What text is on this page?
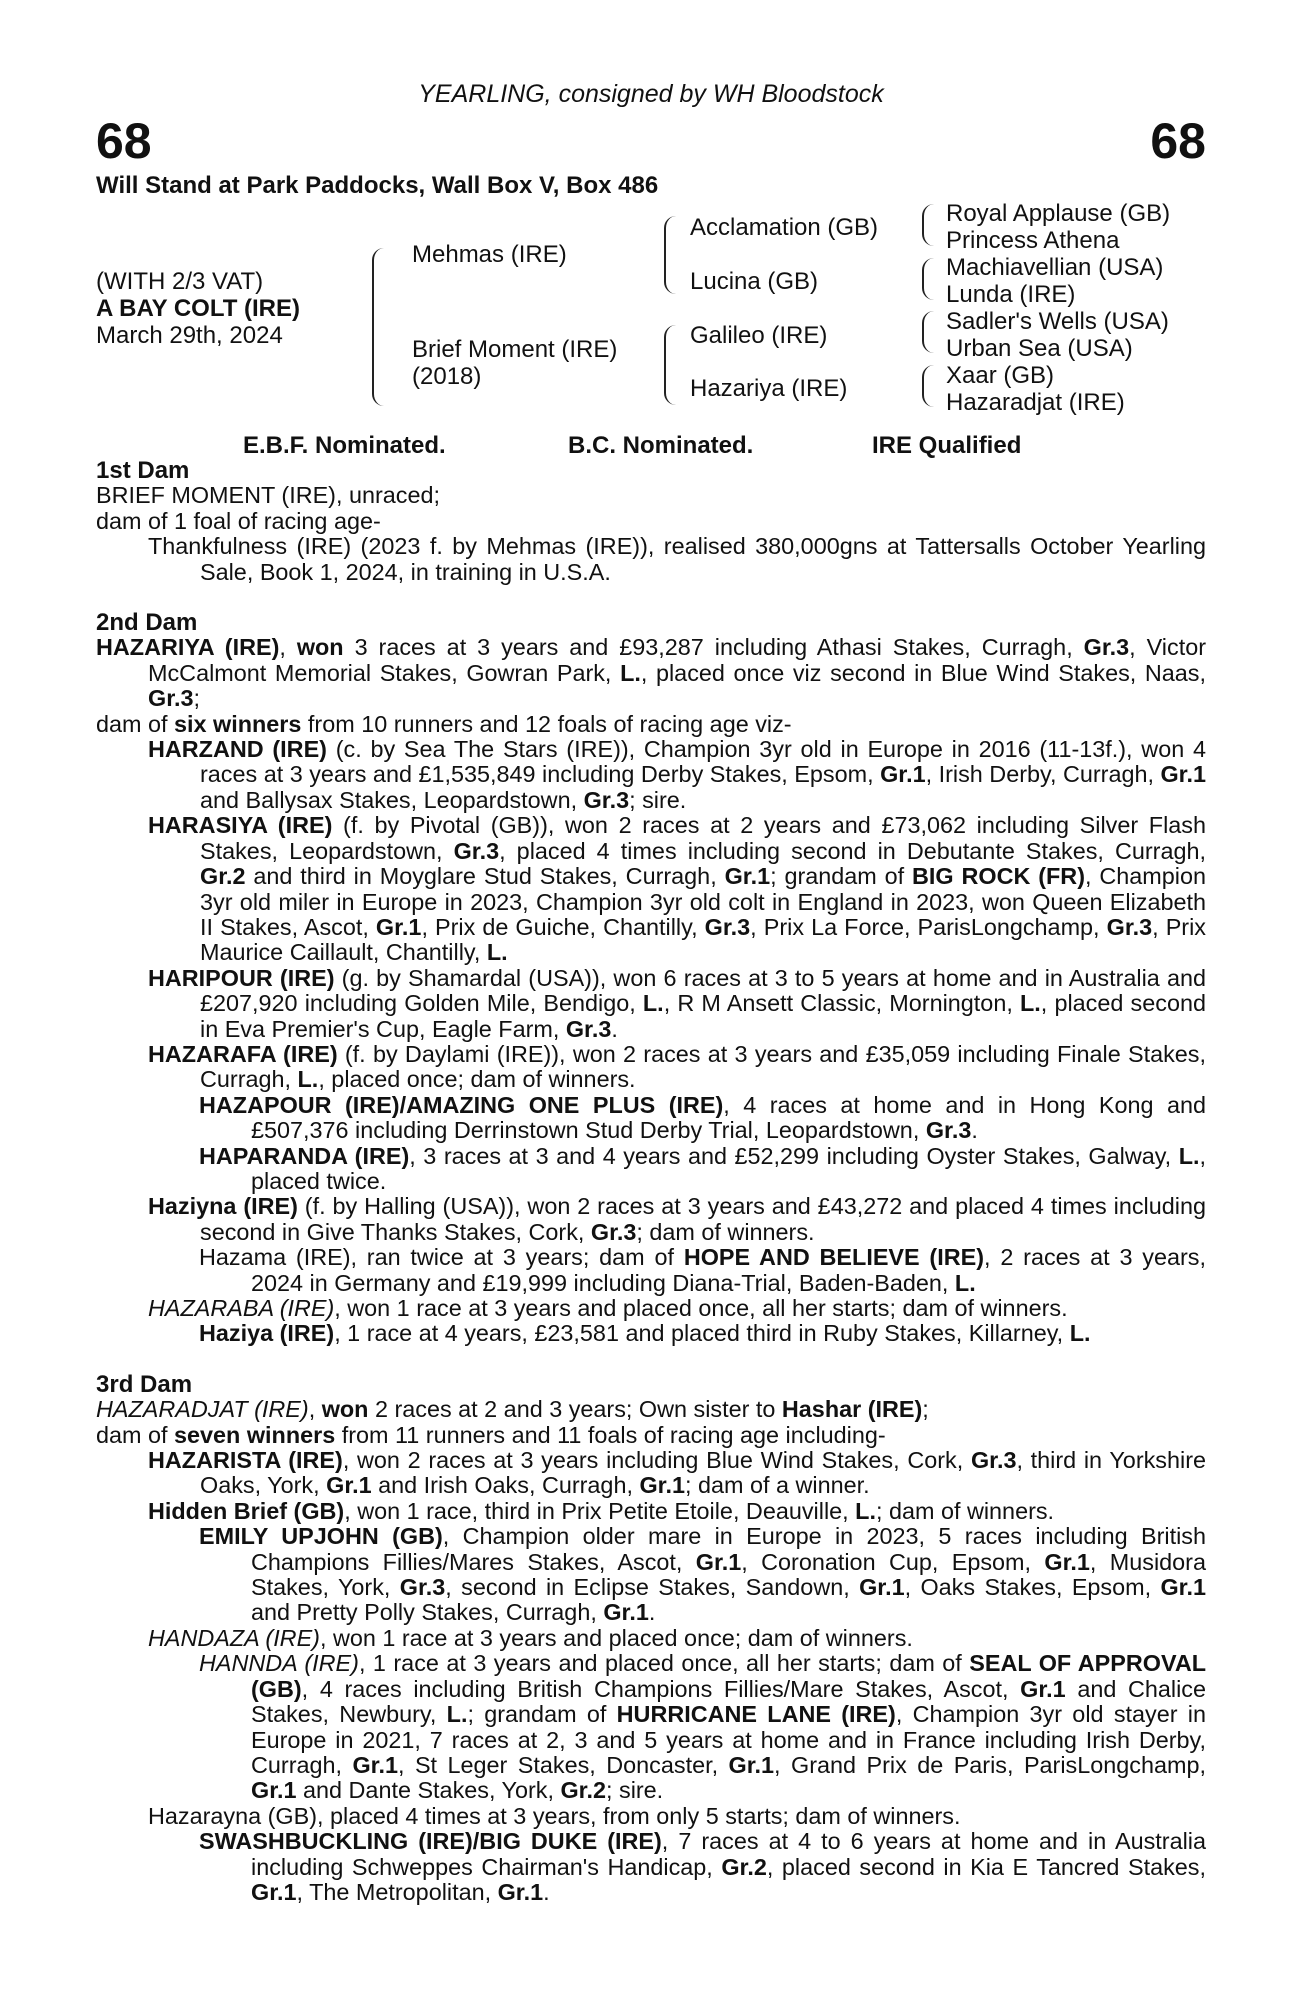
YEARLING, consigned by WH Bloodstock
68	68
Will Stand at Park Paddocks, Wall Box V, Box 486
(WITH 2/3 VAT)
A BAY COLT (IRE)
March 29th, 2024
Mehmas (IRE)
Brief Moment (IRE)
(2018)
Acclamation (GB)
Lucina (GB)
Galileo (IRE)
Hazariya (IRE)
Royal Applause (GB)
Princess Athena
Machiavellian (USA)
Lunda (IRE)
Sadler's Wells (USA)
Urban Sea (USA)
Xaar (GB)
Hazaradjat (IRE)
E.B.F. Nominated.	B.C. Nominated.	IRE Qualified

1st Dam

BRIEF MOMENT (IRE), unraced;
dam of 1 foal of racing age-

Thankfulness (IRE) (2023 f. by Mehmas (IRE)), realised 380,000gns at Tattersalls October Yearling Sale, Book 1, 2024, in training in U.S.A.

2nd Dam

HAZARIYA (IRE), won 3 races at 3 years and £93,287 including Athasi Stakes, Curragh, Gr.3, Victor McCalmont Memorial Stakes, Gowran Park, L., placed once viz second in Blue Wind Stakes, Naas, Gr.3;

dam of six winners from 10 runners and 12 foals of racing age viz-

HARZAND (IRE) (c. by Sea The Stars (IRE)), Champion 3yr old in Europe in 2016 (11-13f.), won 4 races at 3 years and £1,535,849 including Derby Stakes, Epsom, Gr.1, Irish Derby, Curragh, Gr.1 and Ballysax Stakes, Leopardstown, Gr.3; sire.

HARASIYA (IRE) (f. by Pivotal (GB)), won 2 races at 2 years and £73,062 including Silver Flash Stakes, Leopardstown, Gr.3, placed 4 times including second in Debutante Stakes, Curragh, Gr.2 and third in Moyglare Stud Stakes, Curragh, Gr.1; grandam of BIG ROCK (FR), Champion 3yr old miler in Europe in 2023, Champion 3yr old colt in England in 2023, won Queen Elizabeth II Stakes, Ascot, Gr.1, Prix de Guiche, Chantilly, Gr.3, Prix La Force, ParisLongchamp, Gr.3, Prix Maurice Caillault, Chantilly, L.

HARIPOUR (IRE) (g. by Shamardal (USA)), won 6 races at 3 to 5 years at home and in Australia and £207,920 including Golden Mile, Bendigo, L., R M Ansett Classic, Mornington, L., placed second in Eva Premier's Cup, Eagle Farm, Gr.3.

HAZARAFA (IRE) (f. by Daylami (IRE)), won 2 races at 3 years and £35,059 including Finale Stakes, Curragh, L., placed once; dam of winners.

HAZAPOUR (IRE)/AMAZING ONE PLUS (IRE), 4 races at home and in Hong Kong and £507,376 including Derrinstown Stud Derby Trial, Leopardstown, Gr.3.

HAPARANDA (IRE), 3 races at 3 and 4 years and £52,299 including Oyster Stakes, Galway, L., placed twice.

Haziyna (IRE) (f. by Halling (USA)), won 2 races at 3 years and £43,272 and placed 4 times including second in Give Thanks Stakes, Cork, Gr.3; dam of winners.

Hazama (IRE), ran twice at 3 years; dam of HOPE AND BELIEVE (IRE), 2 races at 3 years, 2024 in Germany and £19,999 including Diana-Trial, Baden-Baden, L.

HAZARABA (IRE), won 1 race at 3 years and placed once, all her starts; dam of winners.

Haziya (IRE), 1 race at 4 years, £23,581 and placed third in Ruby Stakes, Killarney, L.

3rd Dam

HAZARADJAT (IRE), won 2 races at 2 and 3 years; Own sister to Hashar (IRE);

dam of seven winners from 11 runners and 11 foals of racing age including-

HAZARISTA (IRE), won 2 races at 3 years including Blue Wind Stakes, Cork, Gr.3, third in Yorkshire Oaks, York, Gr.1 and Irish Oaks, Curragh, Gr.1; dam of a winner.

Hidden Brief (GB), won 1 race, third in Prix Petite Etoile, Deauville, L.; dam of winners.

EMILY UPJOHN (GB), Champion older mare in Europe in 2023, 5 races including British Champions Fillies/Mares Stakes, Ascot, Gr.1, Coronation Cup, Epsom, Gr.1, Musidora Stakes, York, Gr.3, second in Eclipse Stakes, Sandown, Gr.1, Oaks Stakes, Epsom, Gr.1 and Pretty Polly Stakes, Curragh, Gr.1.

HANDAZA (IRE), won 1 race at 3 years and placed once; dam of winners.

HANNDA (IRE), 1 race at 3 years and placed once, all her starts; dam of SEAL OF APPROVAL (GB), 4 races including British Champions Fillies/Mare Stakes, Ascot, Gr.1 and Chalice Stakes, Newbury, L.; grandam of HURRICANE LANE (IRE), Champion 3yr old stayer in Europe in 2021, 7 races at 2, 3 and 5 years at home and in France including Irish Derby, Curragh, Gr.1, St Leger Stakes, Doncaster, Gr.1, Grand Prix de Paris, ParisLongchamp, Gr.1 and Dante Stakes, York, Gr.2; sire.

Hazarayna (GB), placed 4 times at 3 years, from only 5 starts; dam of winners.

SWASHBUCKLING (IRE)/BIG DUKE (IRE), 7 races at 4 to 6 years at home and in Australia including Schweppes Chairman's Handicap, Gr.2, placed second in Kia E Tancred Stakes, Gr.1, The Metropolitan, Gr.1.
